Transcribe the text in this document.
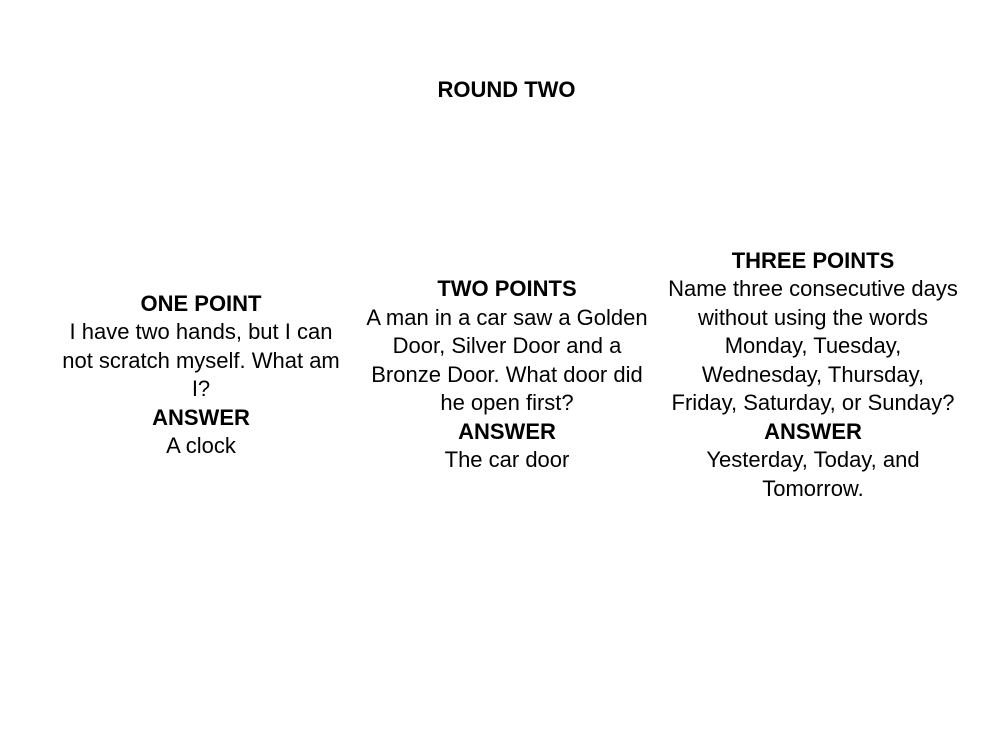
ROUND TWO

ONE POINT

I have two hands, but I can not scratch myself. What am I?

ANSWER

A clock

TWO POINTS

A man in a car saw a Golden Door, Silver Door and a Bronze Door. What door did he open first?

ANSWER

The car door

THREE POINTS

Name three consecutive days without using the words Monday, Tuesday, Wednesday, Thursday, Friday, Saturday, or Sunday?

ANSWER

Yesterday, Today, and Tomorrow.
